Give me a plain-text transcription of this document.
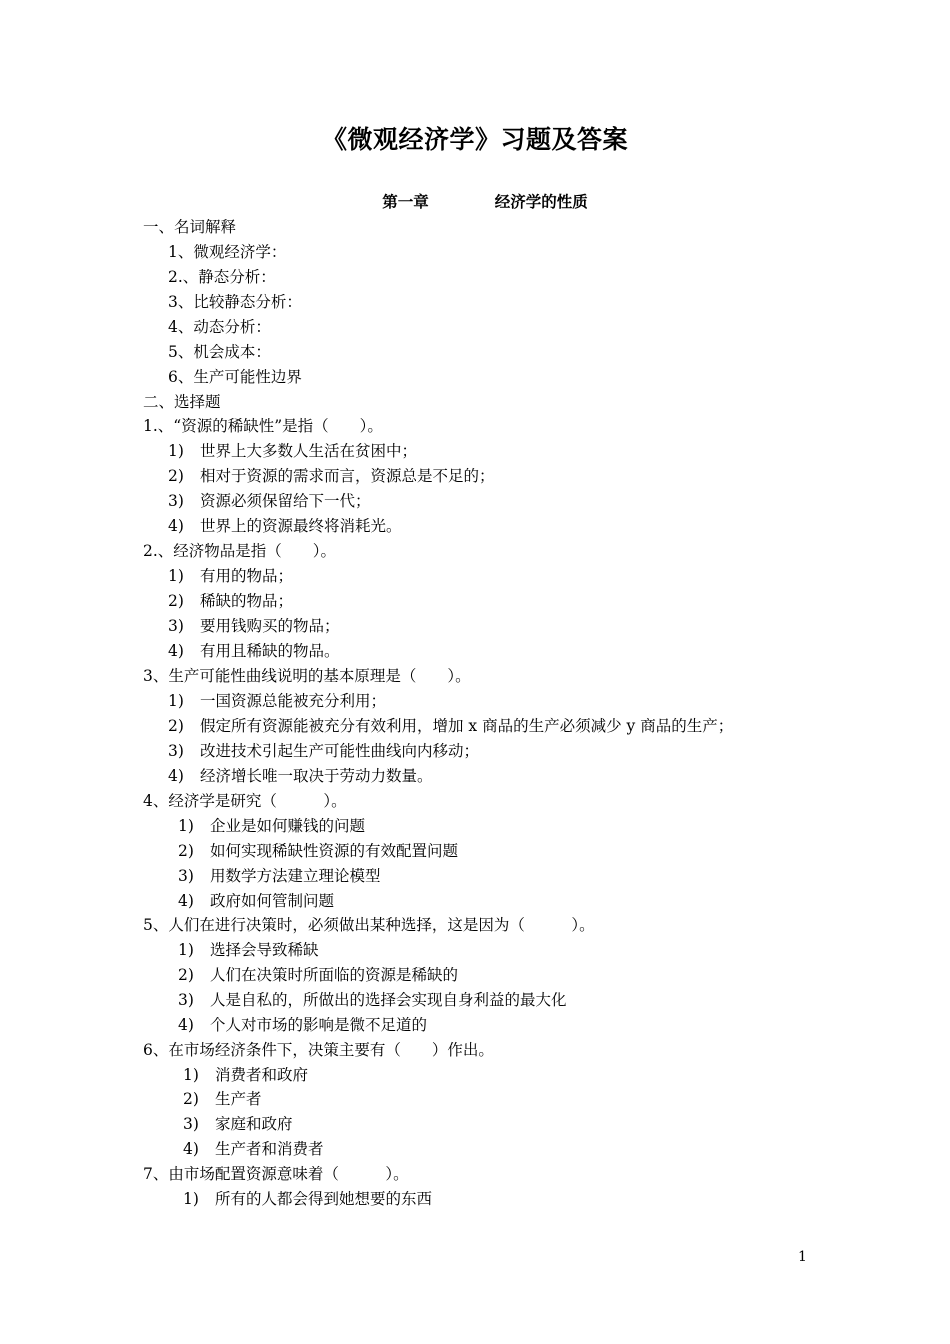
《微观经济学》习题及答案
第一章	经济学的性质
一、名词解释
1、微观经济学：
2.、静态分析：
3、比较静态分析：
4、动态分析：
5、机会成本：
6、生产可能性边界
二、选择题
1.、“资源的稀缺性”是指（　　）。
1) 世界上大多数人生活在贫困中；
2) 相对于资源的需求而言，资源总是不足的；
3) 资源必须保留给下一代；
4) 世界上的资源最终将消耗光。
2.、经济物品是指（　　）。
1) 有用的物品；
2) 稀缺的物品；
3) 要用钱购买的物品；
4) 有用且稀缺的物品。
3、生产可能性曲线说明的基本原理是（　　）。
1) 一国资源总能被充分利用；
2) 假定所有资源能被充分有效利用，增加 x 商品的生产必须减少 y 商品的生产；
3) 改进技术引起生产可能性曲线向内移动；
4) 经济增长唯一取决于劳动力数量。
4、经济学是研究（　　　）。
1) 企业是如何赚钱的问题
2) 如何实现稀缺性资源的有效配置问题
3) 用数学方法建立理论模型
4) 政府如何管制问题
5、人们在进行决策时，必须做出某种选择，这是因为（　　　）。
1) 选择会导致稀缺
2) 人们在决策时所面临的资源是稀缺的
3) 人是自私的，所做出的选择会实现自身利益的最大化
4) 个人对市场的影响是微不足道的
6、在市场经济条件下，决策主要有（　　）作出。
1) 消费者和政府
2) 生产者
3) 家庭和政府
4) 生产者和消费者
7、由市场配置资源意味着（　　　）。
1) 所有的人都会得到她想要的东西
1
